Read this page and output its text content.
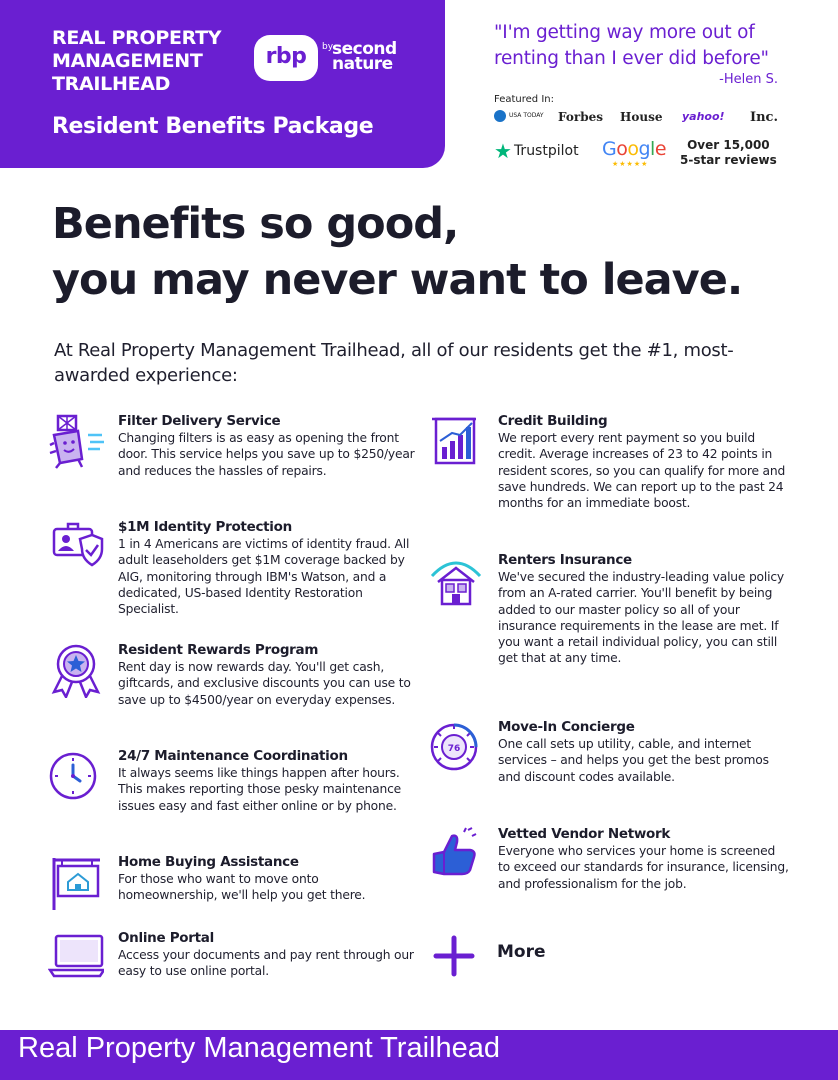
REAL PROPERTY
MANAGEMENT
TRAILHEAD
rbp	by
second nature
Resident Benefits Package
"I'm getting way more out of renting than I ever did before"
-Helen S.
Featured In:
USA TODAY Forbes House yahoo! Inc.
★ Trustpilot Google
★★★★★
Over 15,000
5-star reviews
Benefits so good,
you may never want to leave.
At Real Property Management Trailhead, all of our residents get the #1, most-awarded experience:
Filter Delivery Service

Changing filters is as easy as opening the front door. This service helps you save up to $250/year and reduces the hassles of repairs.

$1M Identity Protection

1 in 4 Americans are victims of identity fraud. All adult leaseholders get $1M coverage backed by AIG, monitoring through IBM's Watson, and a dedicated, US-based Identity Restoration Specialist.

Resident Rewards Program

Rent day is now rewards day. You'll get cash, giftcards, and exclusive discounts you can use to save up to $4500/year on everyday expenses.

24/7 Maintenance Coordination

It always seems like things happen after hours. This makes reporting those pesky maintenance issues easy and fast either online or by phone.

Home Buying Assistance

For those who want to move onto homeownership, we'll help you get there.

Online Portal

Access your documents and pay rent through our easy to use online portal.

Credit Building

We report every rent payment so you build credit. Average increases of 23 to 42 points in resident scores, so you can qualify for more and save hundreds. We can report up to the past 24 months for an immediate boost.

Renters Insurance

We've secured the industry-leading value policy from an A-rated carrier. You'll benefit by being added to our master policy so all of your insurance requirements in the lease are met. If you want a retail individual policy, you can still get that at any time.

76
Move-In Concierge

One call sets up utility, cable, and internet services – and helps you get the best promos and discount codes available.

Vetted Vendor Network

Everyone who services your home is screened to exceed our standards for insurance, licensing, and professionalism for the job.

More
Real Property Management Trailhead
